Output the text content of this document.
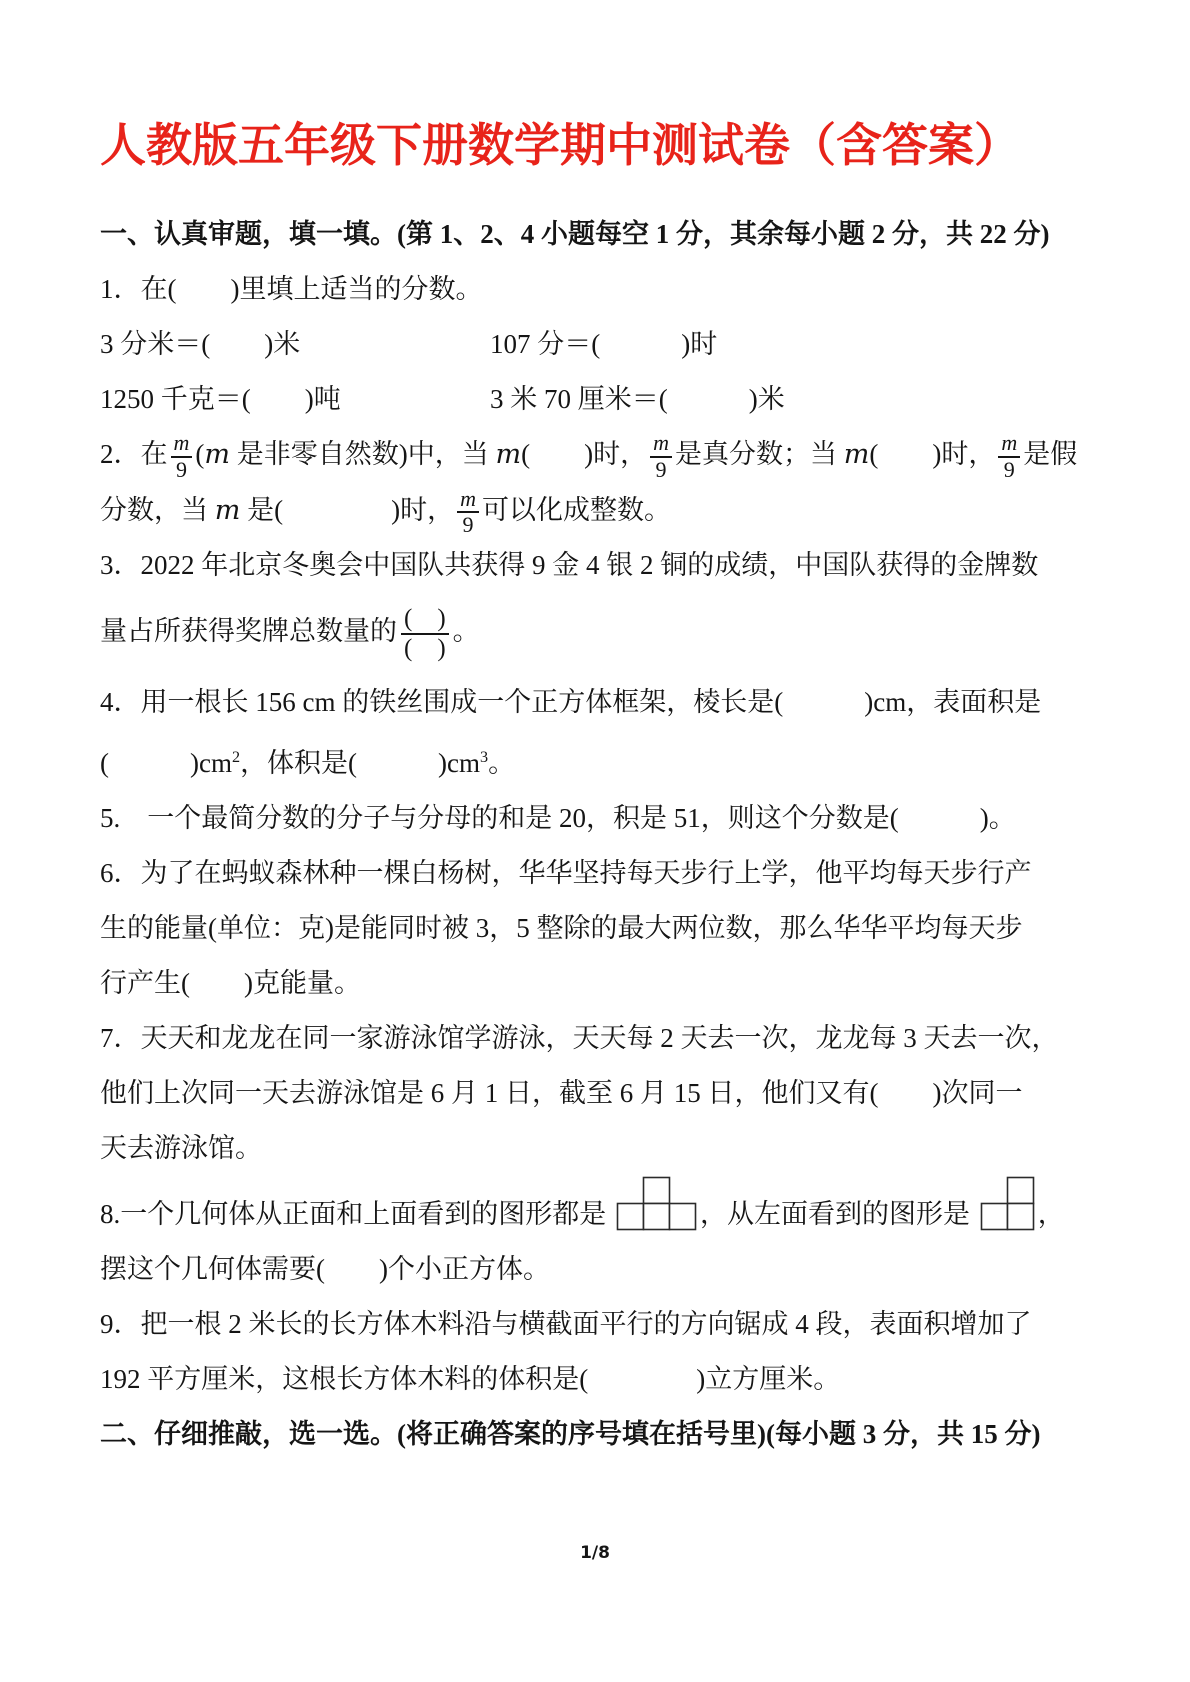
人教版五年级下册数学期中测试卷（含答案）
一、认真审题，填一填。(第 1、2、4 小题每空 1 分，其余每小题 2 分，共 22 分)
1．在(　　)里填上适当的分数。
3 分米＝(　　)米	107 分＝(　　　)时
1250 千克＝(　　)吨	3 米 70 厘米＝(　　　)米
2．在 $\frac{m}{9} (m$ 是非零自然数)中，当 m(　　)时， $\frac{m}{9}$ 是真分数；当 m(　　)时， $\frac{m}{9}$ 是假
分数，当 m 是(　　　　)时， $\frac{m}{9}$ 可以化成整数。
3．2022 年北京冬奥会中国队共获得 9 金 4 银 2 铜的成绩，中国队获得的金牌数
量占所获得奖牌总数量的 $\frac{( )}{( )}$ 。
4．用一根长 156 cm 的铁丝围成一个正方体框架，棱长是(　　　)cm，表面积是
(　　　)$cm^2$，体积是(　　　)$cm^3$。
5.　一个最简分数的分子与分母的和是 20，积是 51，则这个分数是(　　　)。
6．为了在蚂蚁森林种一棵白杨树，华华坚持每天步行上学，他平均每天步行产
生的能量(单位：克)是能同时被 3，5 整除的最大两位数，那么华华平均每天步
行产生(　　)克能量。
7．天天和龙龙在同一家游泳馆学游泳，天天每 2 天去一次，龙龙每 3 天去一次，
他们上次同一天去游泳馆是 6 月 1 日，截至 6 月 15 日，他们又有(　　)次同一
天去游泳馆。
8.一个几何体从正面和上面看到的图形都是	，从左面看到的图形是 ，
摆这个几何体需要(　　)个小正方体。
9．把一根 2 米长的长方体木料沿与横截面平行的方向锯成 4 段，表面积增加了
192 平方厘米，这根长方体木料的体积是(　　　　)立方厘米。
二、仔细推敲，选一选。(将正确答案的序号填在括号里)(每小题 3 分，共 15 分)
1/8
